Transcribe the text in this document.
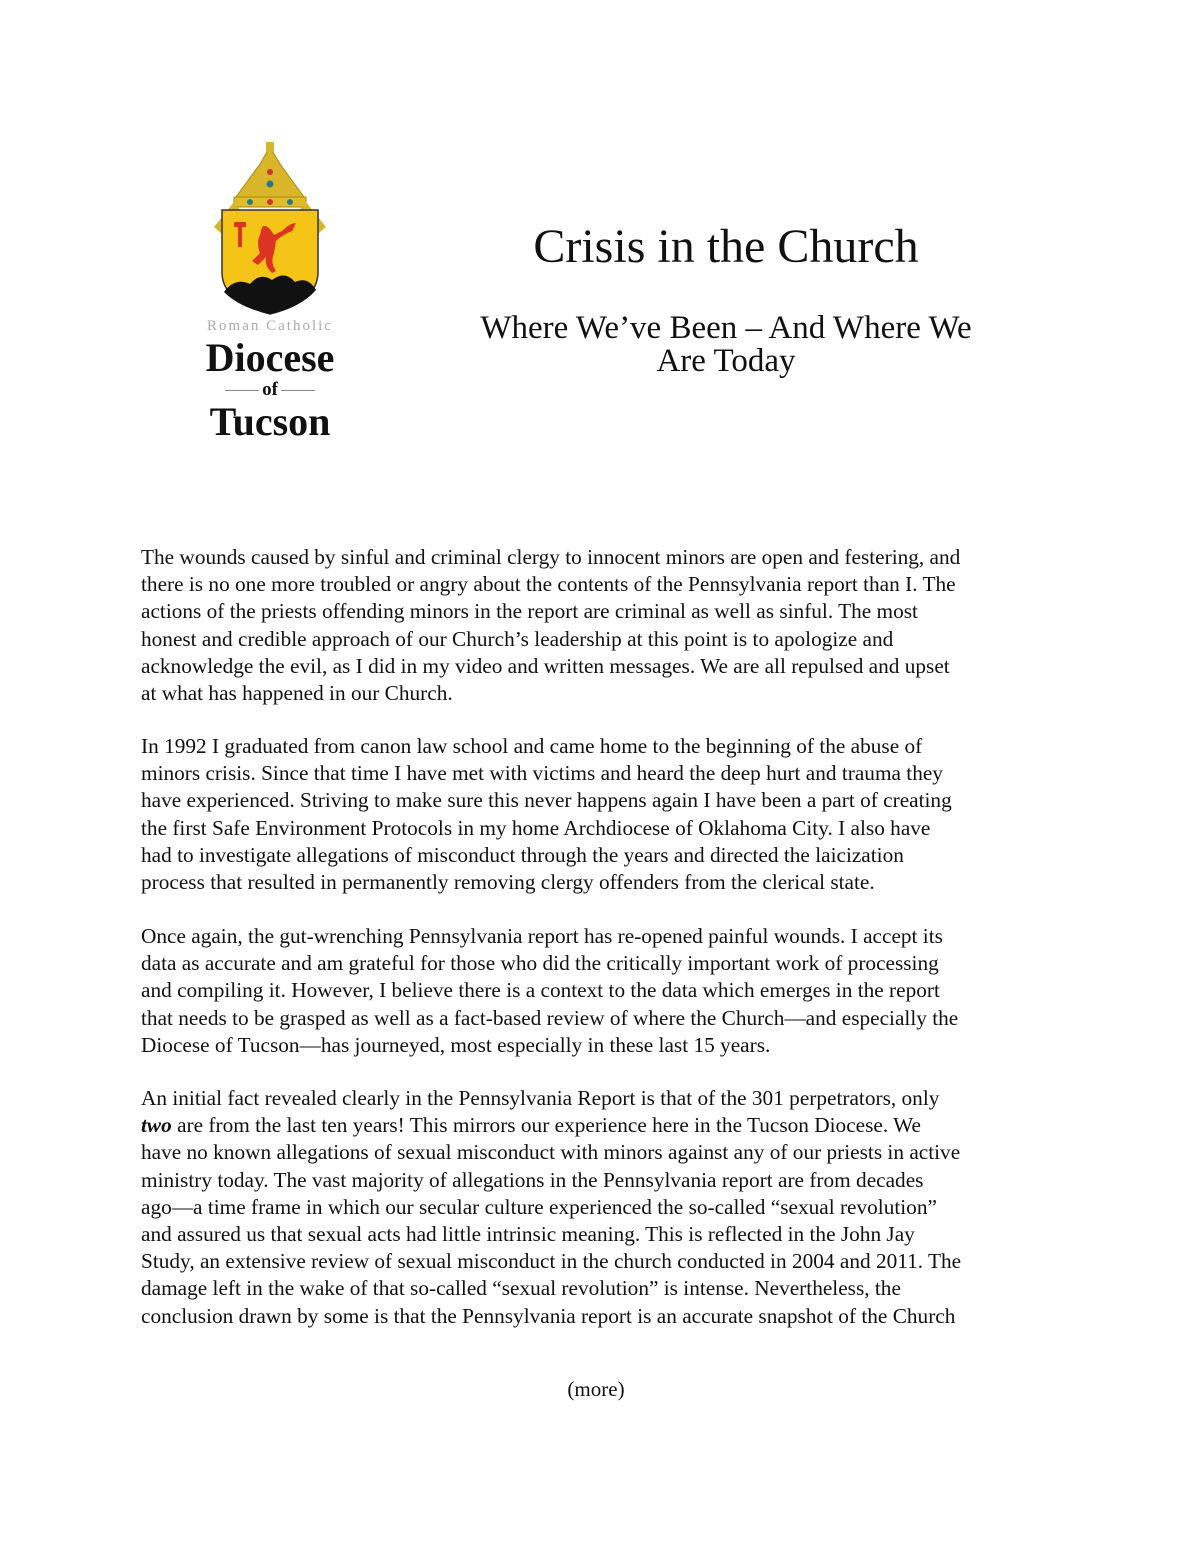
Roman Catholic
Diocese
of
Tucson
Crisis in the Church
Where We’ve Been – And Where We
Are Today
The wounds caused by sinful and criminal clergy to innocent minors are open and festering, and
there is no one more troubled or angry about the contents of the Pennsylvania report than I. The
actions of the priests offending minors in the report are criminal as well as sinful. The most
honest and credible approach of our Church’s leadership at this point is to apologize and
acknowledge the evil, as I did in my video and written messages. We are all repulsed and upset
at what has happened in our Church.
In 1992 I graduated from canon law school and came home to the beginning of the abuse of
minors crisis. Since that time I have met with victims and heard the deep hurt and trauma they
have experienced. Striving to make sure this never happens again I have been a part of creating
the first Safe Environment Protocols in my home Archdiocese of Oklahoma City. I also have
had to investigate allegations of misconduct through the years and directed the laicization
process that resulted in permanently removing clergy offenders from the clerical state.
Once again, the gut-wrenching Pennsylvania report has re-opened painful wounds. I accept its
data as accurate and am grateful for those who did the critically important work of processing
and compiling it. However, I believe there is a context to the data which emerges in the report
that needs to be grasped as well as a fact-based review of where the Church—and especially the
Diocese of Tucson—has journeyed, most especially in these last 15 years.
An initial fact revealed clearly in the Pennsylvania Report is that of the 301 perpetrators, only
two are from the last ten years! This mirrors our experience here in the Tucson Diocese. We
have no known allegations of sexual misconduct with minors against any of our priests in active
ministry today. The vast majority of allegations in the Pennsylvania report are from decades
ago—a time frame in which our secular culture experienced the so-called “sexual revolution”
and assured us that sexual acts had little intrinsic meaning. This is reflected in the John Jay
Study, an extensive review of sexual misconduct in the church conducted in 2004 and 2011. The
damage left in the wake of that so-called “sexual revolution” is intense. Nevertheless, the
conclusion drawn by some is that the Pennsylvania report is an accurate snapshot of the Church
(more)
